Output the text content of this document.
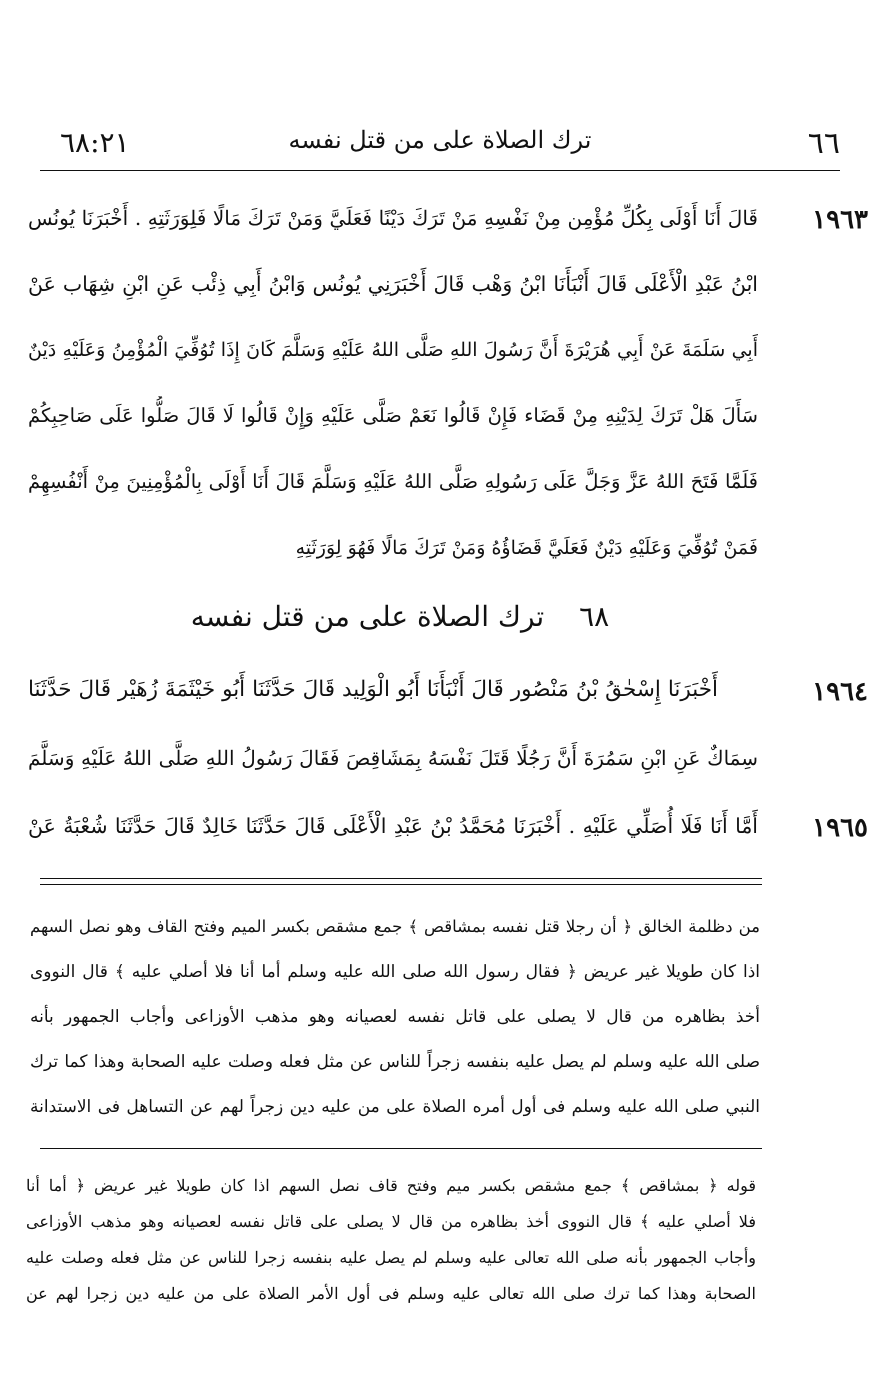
٦٦
ترك الصلاة على من قتل نفسه
٦٨:٢١
١٩٦٣
١٩٦٤
١٩٦٥
قَالَ أَنَا أَوْلَى بِكُلِّ مُؤْمِن مِنْ نَفْسِهِ مَنْ تَرَكَ دَيْنًا فَعَلَيَّ وَمَنْ تَرَكَ مَالًا فَلِوَرَثَتِهِ . أَخْبَرَنَا يُونُس
ابْنُ عَبْدِ الْأَعْلَى قَالَ أَنْبَأَنَا ابْنُ وَهْب قَالَ أَخْبَرَنِي يُونُس وَابْنُ أَبِي ذِئْب عَنِ ابْنِ شِهَاب عَنْ
أَبِي سَلَمَةَ عَنْ أَبِي هُرَيْرَةَ أَنَّ رَسُولَ اللهِ صَلَّى اللهُ عَلَيْهِ وَسَلَّمَ كَانَ إِذَا تُوُفِّيَ الْمُؤْمِنُ وَعَلَيْهِ دَيْنٌ
سَأَلَ هَلْ تَرَكَ لِدَيْنِهِ مِنْ قَضَاء فَإِنْ قَالُوا نَعَمْ صَلَّى عَلَيْهِ وَإِنْ قَالُوا لَا قَالَ صَلُّوا عَلَى صَاحِبِكُمْ
فَلَمَّا فَتَحَ اللهُ عَزَّ وَجَلَّ عَلَى رَسُولِهِ صَلَّى اللهُ عَلَيْهِ وَسَلَّمَ قَالَ أَنَا أَوْلَى بِالْمُؤْمِنِينَ مِنْ أَنْفُسِهِمْ
فَمَنْ تُوُفِّيَ وَعَلَيْهِ دَيْنٌ فَعَلَيَّ قَضَاؤُهُ وَمَنْ تَرَكَ مَالًا فَهُوَ لِوَرَثَتِهِ
٦٨ ترك الصلاة على من قتل نفسه
أَخْبَرَنَا إِسْحٰقُ بْنُ مَنْصُور قَالَ أَنْبَأَنَا أَبُو الْوَلِيد قَالَ حَدَّثَنَا أَبُو خَيْثَمَةَ زُهَيْر قَالَ حَدَّثَنَا
سِمَاكٌ عَنِ ابْنِ سَمُرَةَ أَنَّ رَجُلًا قَتَلَ نَفْسَهُ بِمَشَاقِصَ فَقَالَ رَسُولُ اللهِ صَلَّى اللهُ عَلَيْهِ وَسَلَّمَ
أَمَّا أَنَا فَلَا أُصَلِّي عَلَيْهِ . أَخْبَرَنَا مُحَمَّدُ بْنُ عَبْدِ الْأَعْلَى قَالَ حَدَّثَنَا خَالِدٌ قَالَ حَدَّثَنَا شُعْبَةُ عَنْ
من دظلمة الخالق ﴿ أن رجلا قتل نفسه بمشاقص ﴾ جمع مشقص بكسر الميم وفتح القاف وهو نصل السهم
اذا كان طويلا غير عريض ﴿ فقال رسول الله صلى الله عليه وسلم أما أنا فلا أصلي عليه ﴾ قال النووى
أخذ بظاهره من قال لا يصلى على قاتل نفسه لعصيانه وهو مذهب الأوزاعى وأجاب الجمهور بأنه
صلى الله عليه وسلم لم يصل عليه بنفسه زجراً للناس عن مثل فعله وصلت عليه الصحابة وهذا كما ترك
النبي صلى الله عليه وسلم فى أول أمره الصلاة على من عليه دين زجراً لهم عن التساهل فى الاستدانة
قوله ﴿ بمشاقص ﴾ جمع مشقص بكسر ميم وفتح قاف نصل السهم اذا كان طويلا غير عريض ﴿ أما أنا
فلا أصلي عليه ﴾ قال النووى أخذ بظاهره من قال لا يصلى على قاتل نفسه لعصيانه وهو مذهب الأوزاعى
وأجاب الجمهور بأنه صلى الله تعالى عليه وسلم لم يصل عليه بنفسه زجرا للناس عن مثل فعله وصلت عليه
الصحابة وهذا كما ترك صلى الله تعالى عليه وسلم فى أول الأمر الصلاة على من عليه دين زجرا لهم عن
